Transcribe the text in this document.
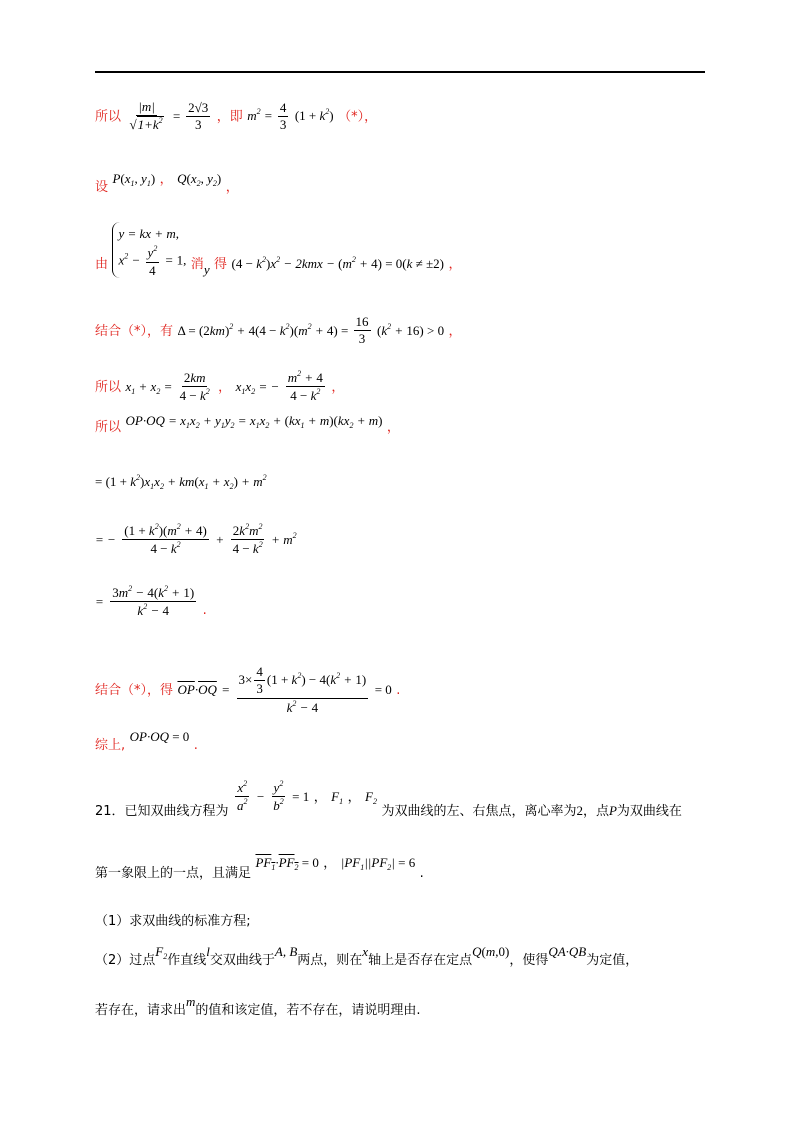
所以 $\frac{|m|}{√1+k^2} = \frac{2√3}{3}$ ，即 $m^2 = \frac{4}{3} (1 + k^2)$ （*），
设 $P(x_1$, $y_1$) ， $Q(x_2$, $y_2$) ，
由
y = kx + m,
$x^2 - \frac{y^2}{4} = 1$, 消y 得 $(4 - k^2)x^2 - 2kmx - (m^2 + 4) = 0(k \ne \pm 2)$ ，
结合（*），有 $\Delta = (2km)^2 + 4(4 - k^2)(m^2 + 4) = \frac{16}{3} (k^2 + 16) > 0$ ，
所以 $x_1 + x_2 = \frac{2km}{4 - k^2}$ ， $x_1x_2$ = − $\frac{m^2 + 4}{4 - k^2}$ ，
所以 $OP\cdot OQ = x_1x_2 + y_1y_2 = x_1x_2 + (kx_1 + m)(kx_2 + m)$ ，
= $(1 + k^2)x_1x_2 + km(x_1 + x_2) + m^2$
= − $\frac{(1 + k^2)(m^2 + 4)}{4 - k^2} + \frac{2k^2m^2}{4 - k^2} + m^2$
= $\frac{3m^2 - 4(k^2 + 1)}{k^2 - 4}$ .
结合（*），得 $\overline{OP}\cdot\overline{OQ} = \frac{3\times \frac{4}{3} (1 + k^2) - 4(k^2 + 1)}{k^2 - 4} = 0$ .
综上, OP·OQ = 0 .
21．已知双曲线方程为 $\frac{x^2}{a^2} - \frac{y^2}{b^2} = 1$ ， $F_1$ ， $F_2$ 为双曲线的左、右焦点，离心率为2，点P为双曲线在
第一象限上的一点，且满足 $PF_1\cdot PF_2 = 0$ ， $|PF_1||PF_2| = 6$ .
（1）求双曲线的标准方程;
（2）过点$F_2$作直线l交双曲线于A, B两点，则在x轴上是否存在定点Q(m,0)，使得QA·QB为定值，
若存在，请求出m的值和该定值，若不存在，请说明理由.
